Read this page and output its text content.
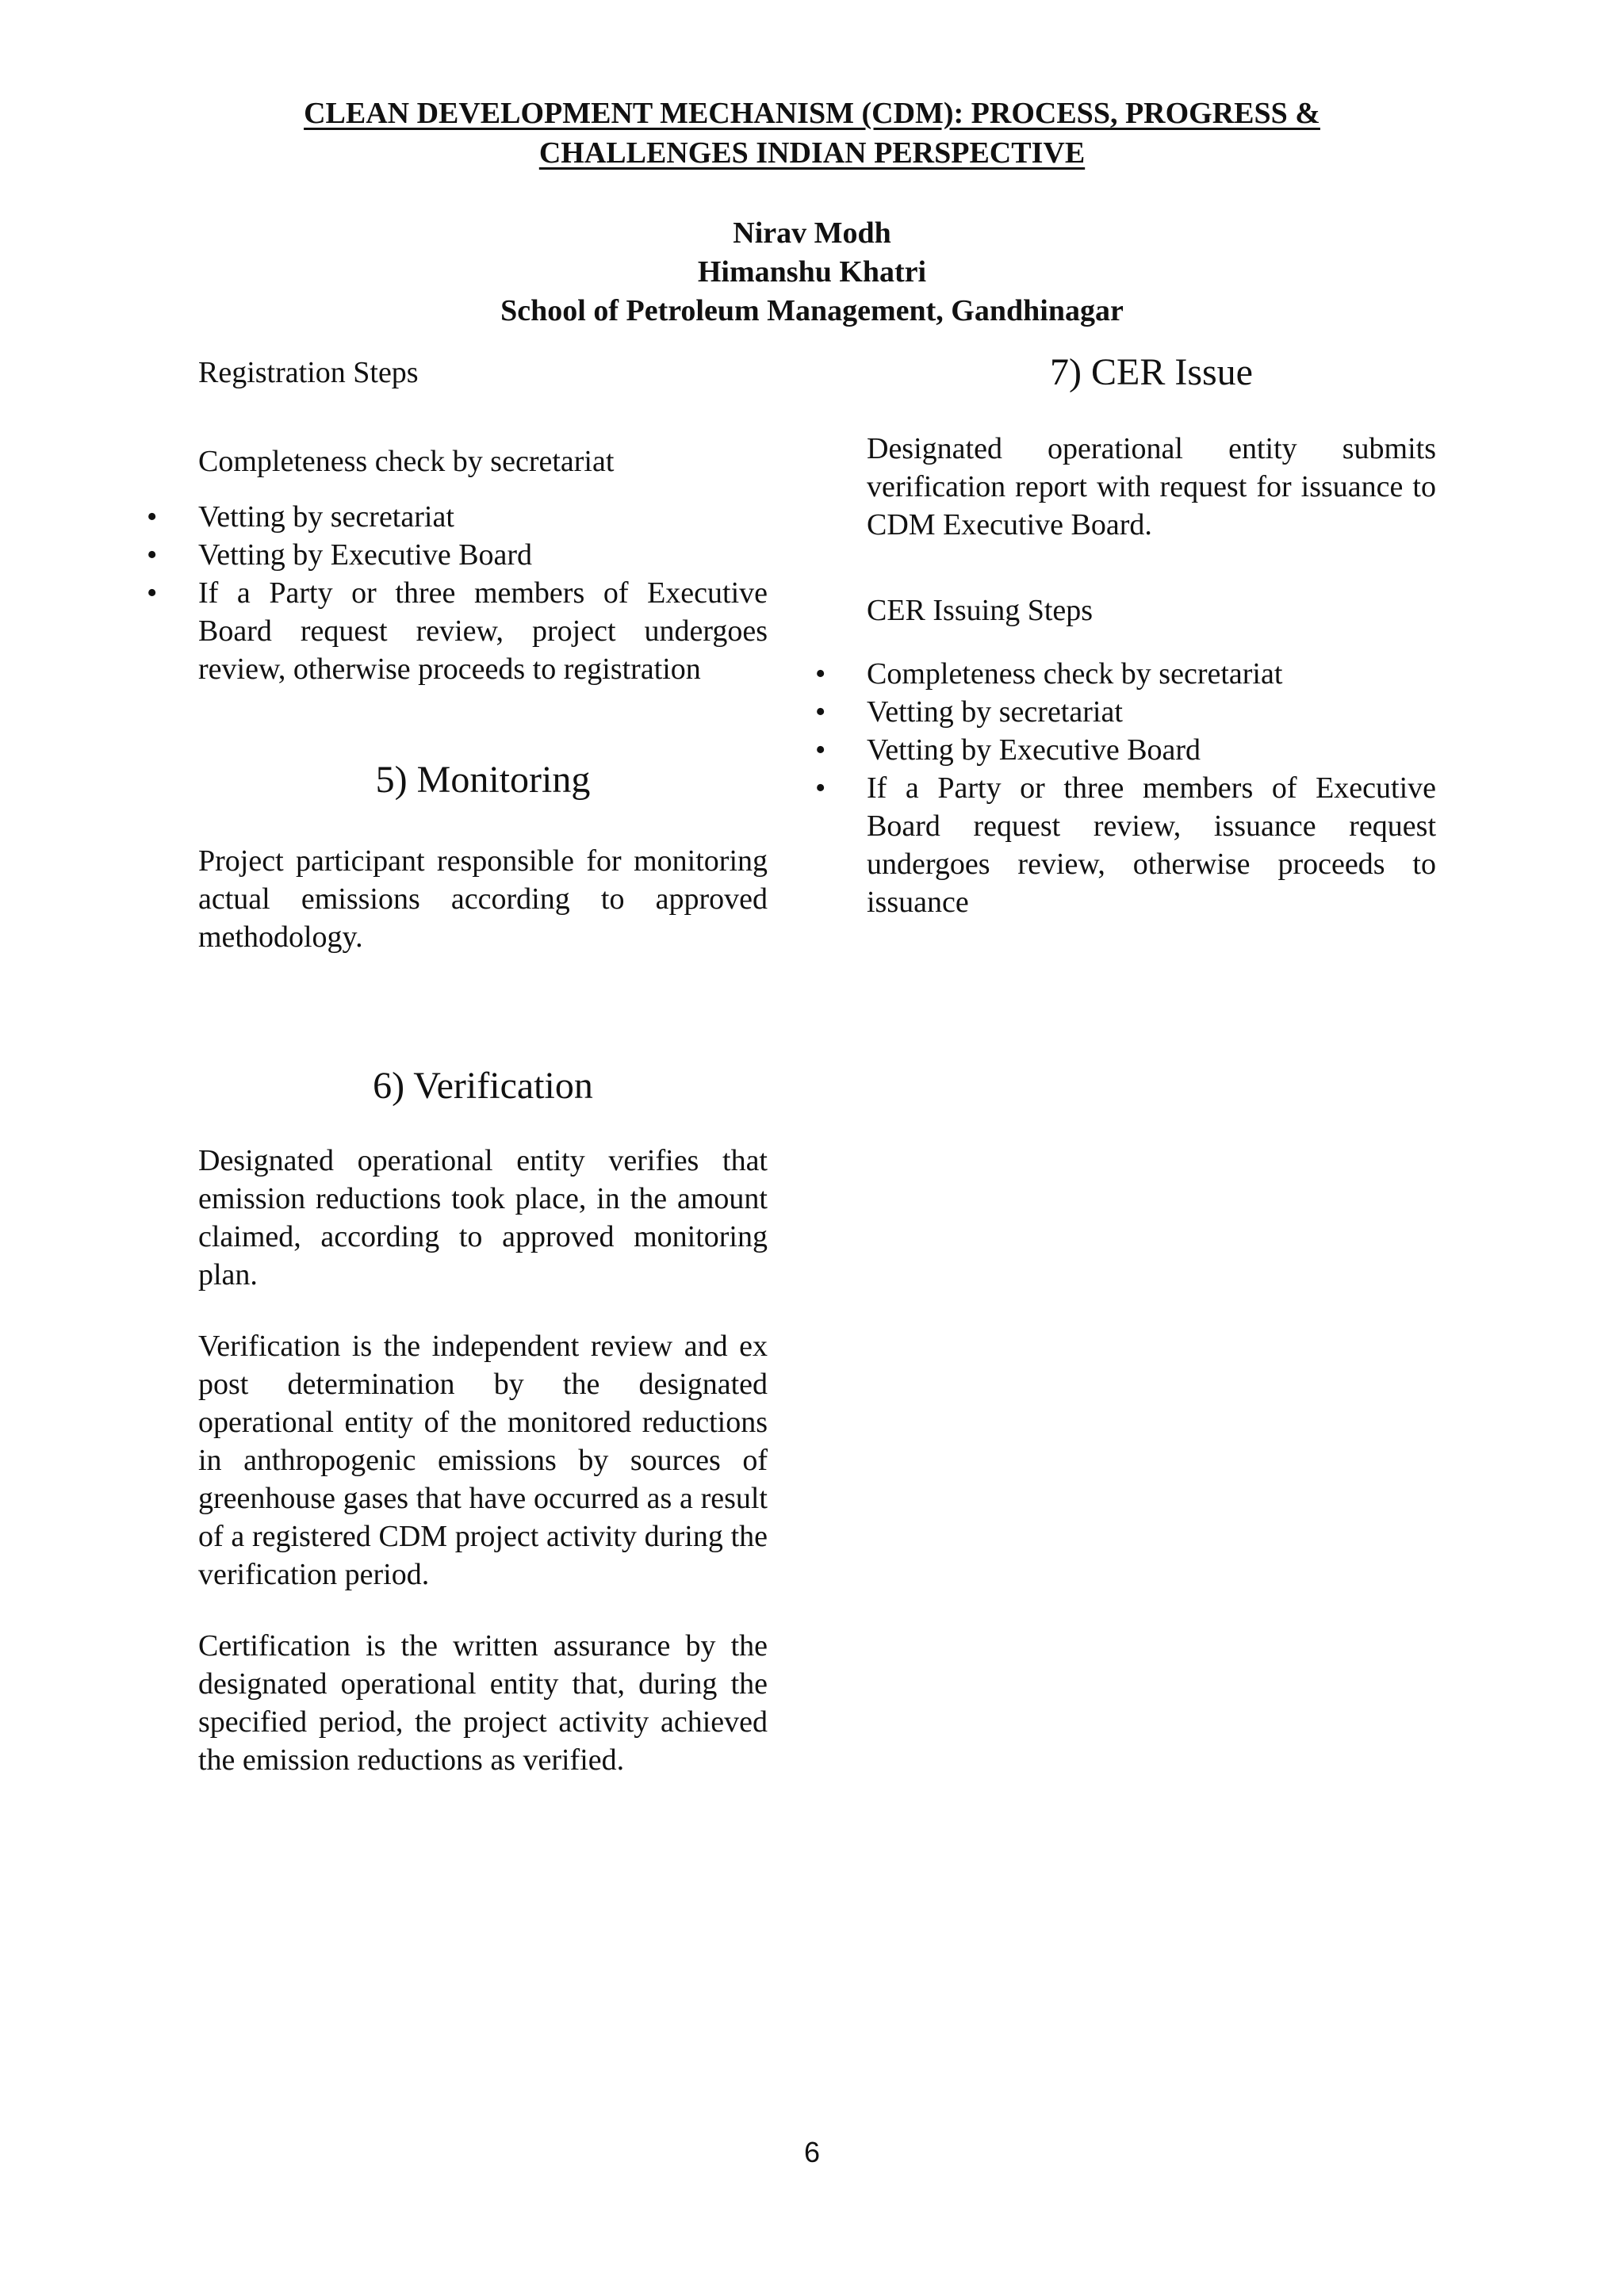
CLEAN DEVELOPMENT MECHANISM (CDM): PROCESS, PROGRESS &
CHALLENGES INDIAN PERSPECTIVE
Nirav Modh
Himanshu Khatri
School of Petroleum Management, Gandhinagar
Registration Steps
Completeness check by secretariat
• Vetting by secretariat
• Vetting by Executive Board
• If a Party or three members of Executive Board request review, project undergoes review, otherwise proceeds to registration
5) Monitoring

Project participant responsible for monitoring actual emissions according to approved methodology.

6) Verification

Designated operational entity verifies that emission reductions took place, in the amount claimed, according to approved monitoring plan.

Verification is the independent review and ex post determination by the designated operational entity of the monitored reductions in anthropogenic emissions by sources of greenhouse gases that have occurred as a result of a registered CDM project activity during the verification period.

Certification is the written assurance by the designated operational entity that, during the specified period, the project activity achieved the emission reductions as verified.

7) CER Issue

Designated operational entity submits verification report with request for issuance to CDM Executive Board.

CER Issuing Steps
• Completeness check by secretariat
• Vetting by secretariat
• Vetting by Executive Board
• If a Party or three members of Executive Board request review, issuance request undergoes review, otherwise proceeds to issuance
6
